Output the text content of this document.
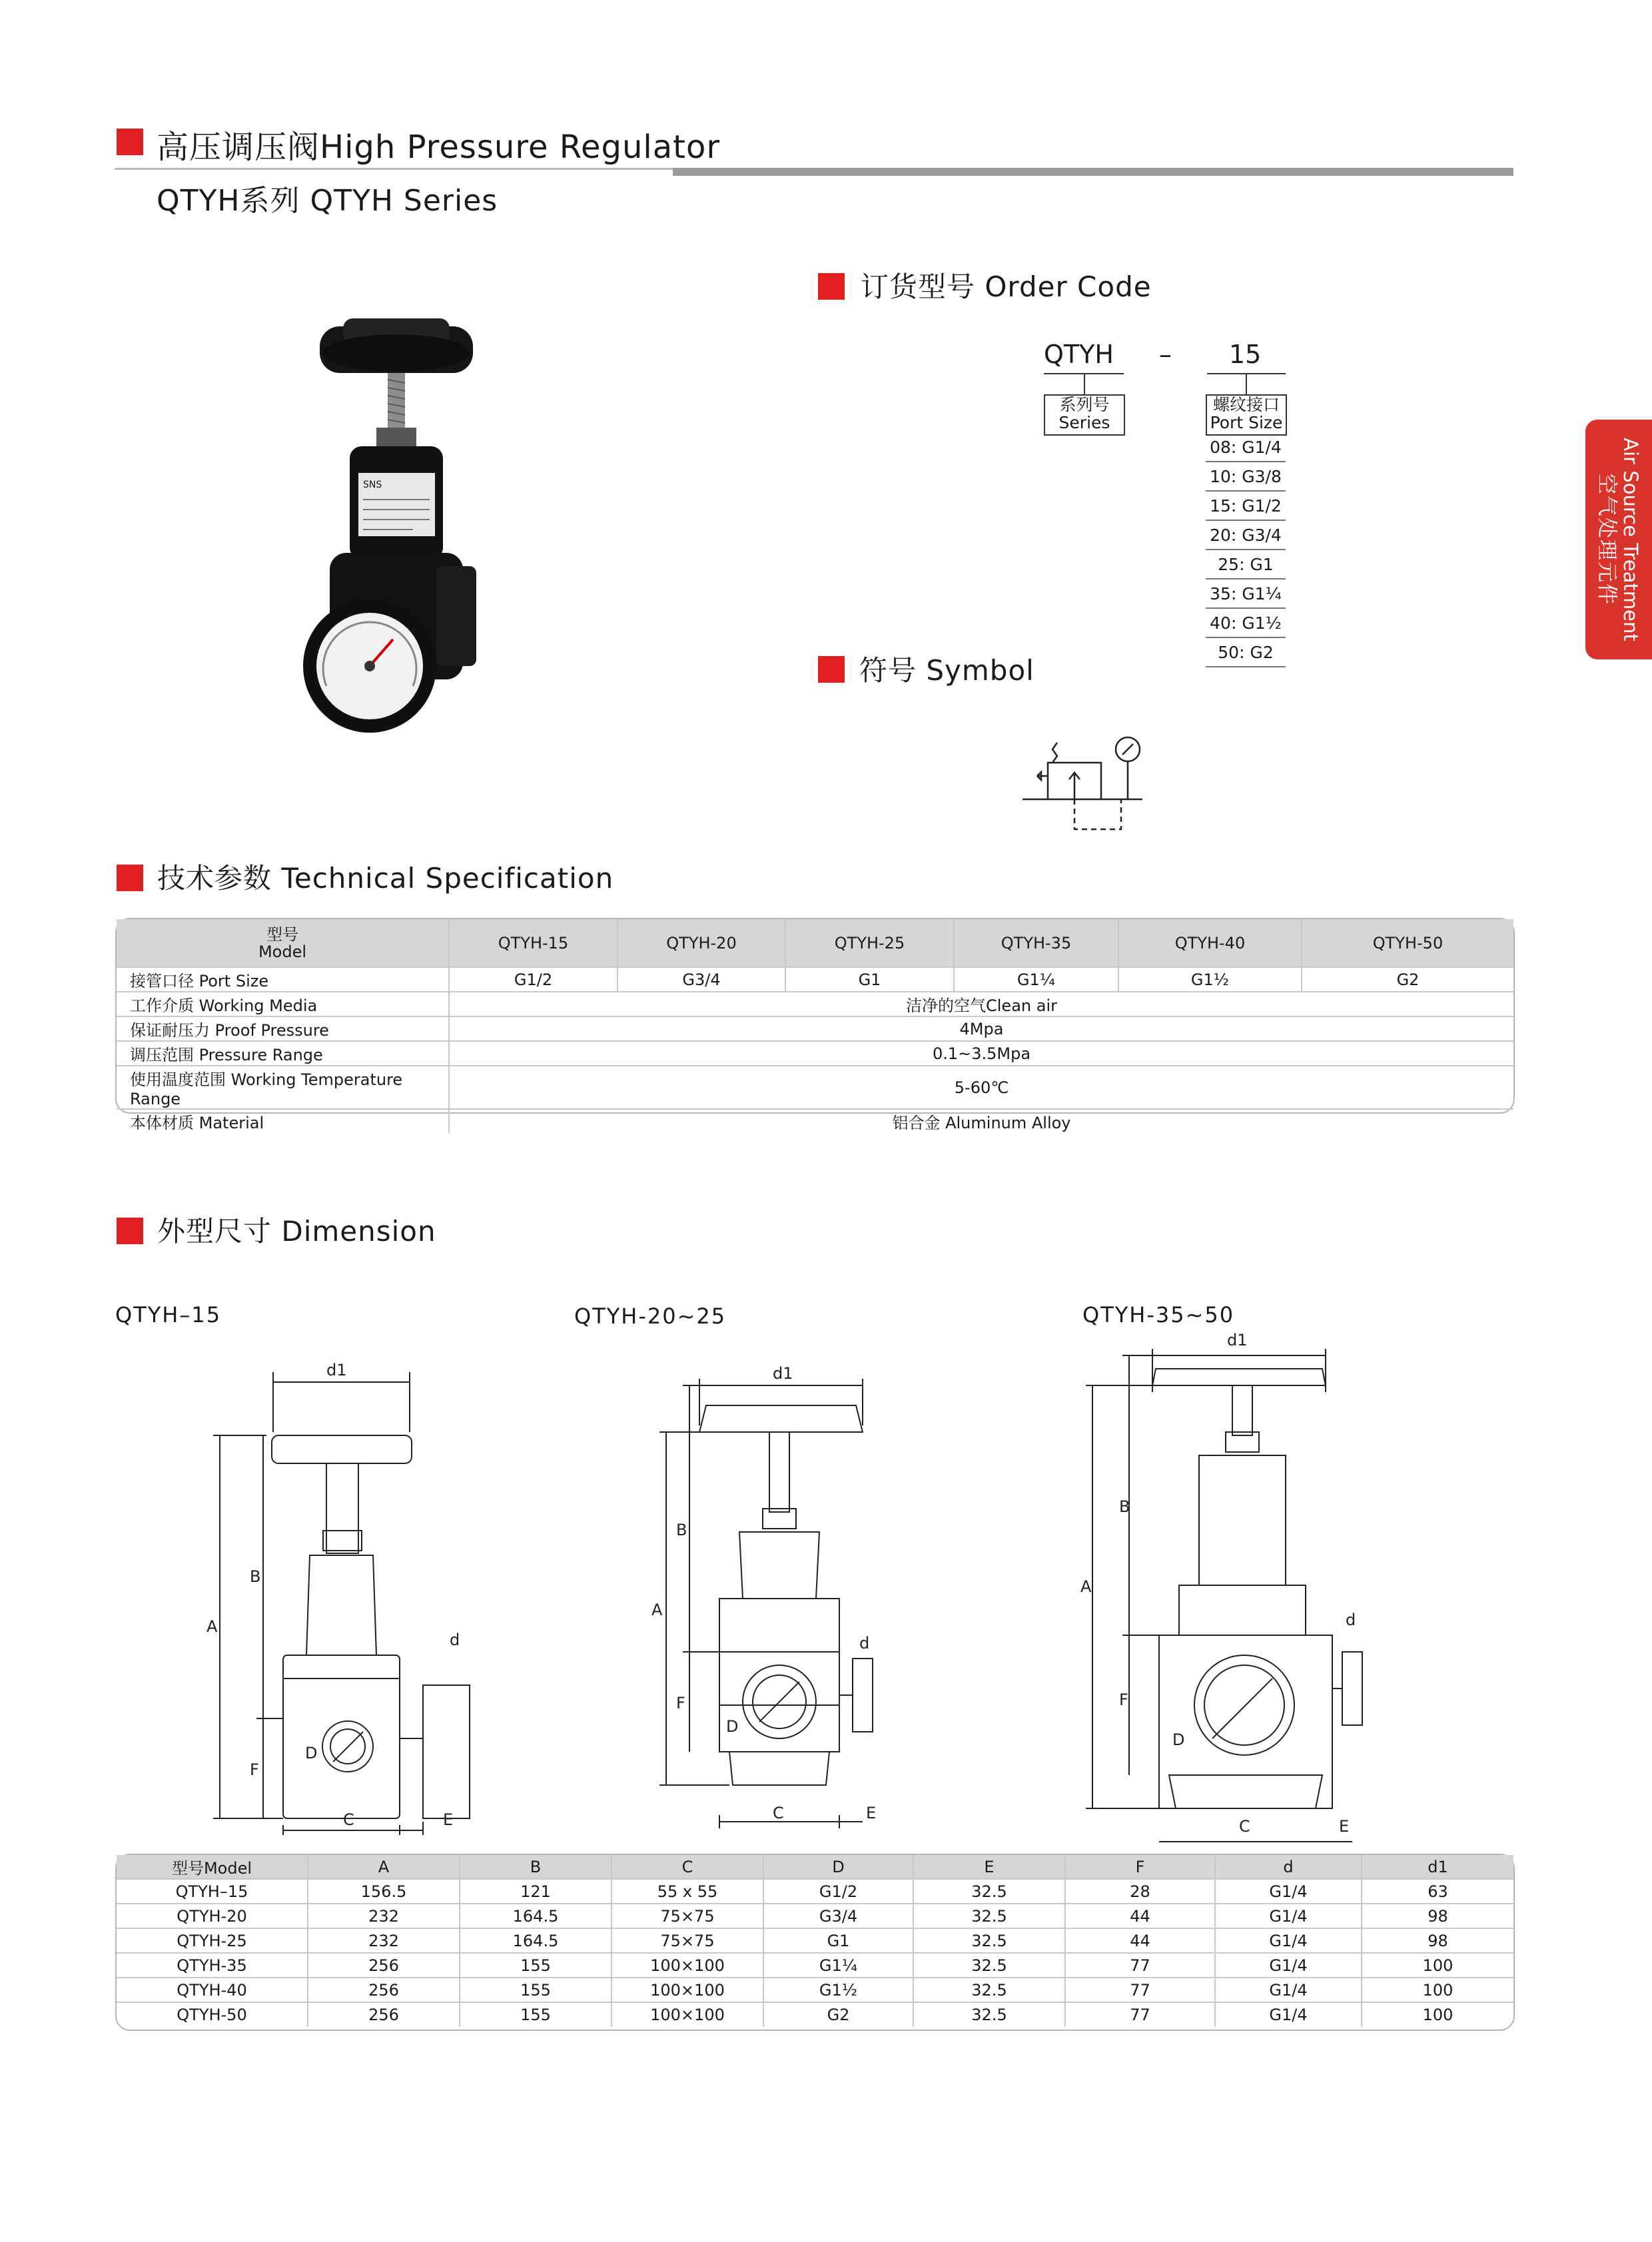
高压调压阀High Pressure Regulator
QTYH系列 QTYH Series
Air Source Treatment
空气处理元件
SNS
订货型号 Order Code
QTYH – 15
系列号
Series
螺纹接口
Port Size
08: G1/4
10: G3/8
15: G1/2
20: G3/4
25: G1
35: G1¼
40: G1½
50: G2
符号 Symbol
技术参数 Technical Specification
型号
Model	QTYH-15	QTYH-20	QTYH-25	QTYH-35	QTYH-40	QTYH-50
接管口径 Port Size	G1/2	G3/4	G1	G1¼	G1½	G2
工作介质 Working Media	洁净的空气Clean air					
保证耐压力 Proof Pressure	4Mpa					
调压范围 Pressure Range	0.1~3.5Mpa					
使用温度范围 Working Temperature Range	5-60℃					
本体材质 Material	铝合金 Aluminum Alloy					
外型尺寸 Dimension
QTYH–15	QTYH-20~25	QTYH-35~50
d1
A
B
F
C	E
d
D
d1
A
B
F
C	E
d
D
d1
A
B
F
C	E
d
D
型号Model	A	B	C	D	E	F	d	d1
QTYH–15	156.5	121	55 x 55	G1/2	32.5	28	G1/4	63
QTYH-20	232	164.5	75×75	G3/4	32.5	44	G1/4	98
QTYH-25	232	164.5	75×75	G1	32.5	44	G1/4	98
QTYH-35	256	155	100×100	G1¼	32.5	77	G1/4	100
QTYH-40	256	155	100×100	G1½	32.5	77	G1/4	100
QTYH-50	256	155	100×100	G2	32.5	77	G1/4	100
